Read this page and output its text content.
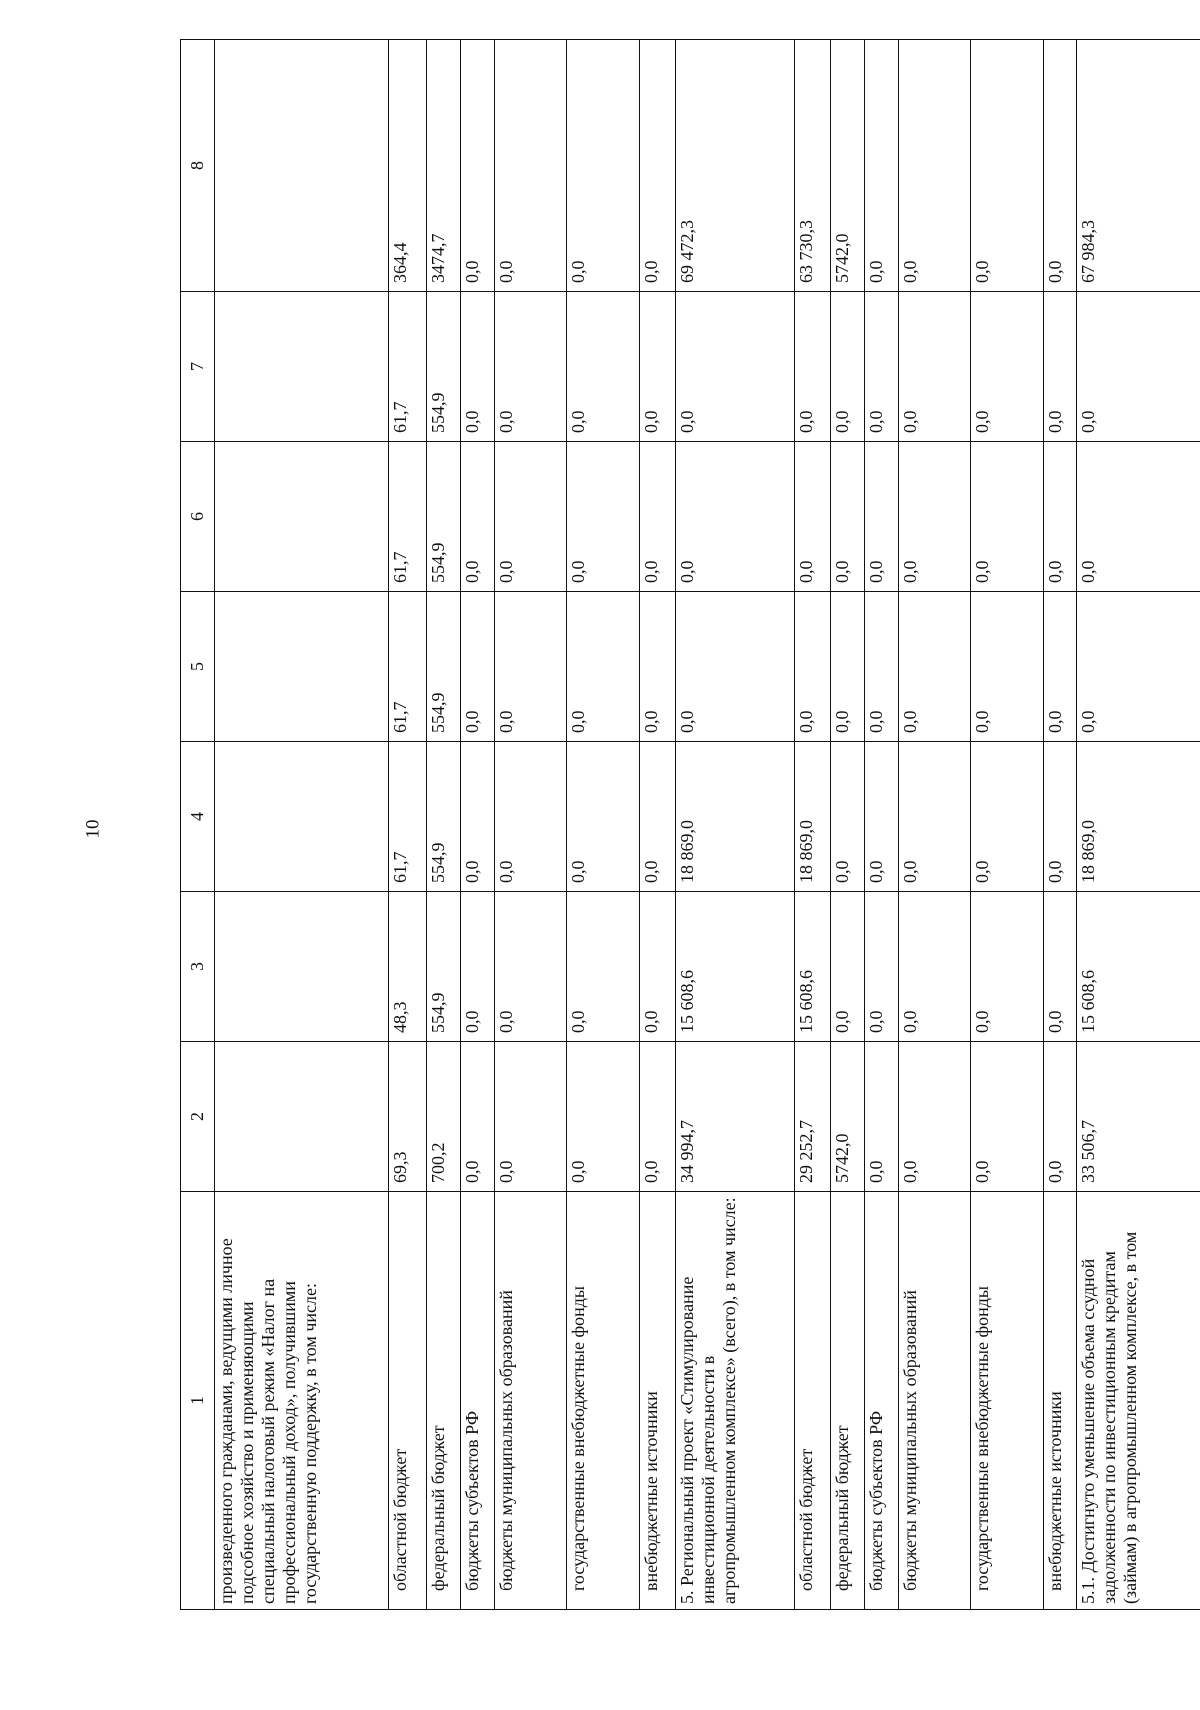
10
1	2	3	4	5	6	7	8
произведенного гражданами, ведущими личное подсобное хозяйство и применяющими специальный налоговый режим «Налог на профессиональный доход», получившими государственную поддержку, в том числе:							
областной бюджет	69,3	48,3	61,7	61,7	61,7	61,7	364,4
федеральный бюджет	700,2	554,9	554,9	554,9	554,9	554,9	3474,7
бюджеты субъектов РФ	0,0	0,0	0,0	0,0	0,0	0,0	0,0
бюджеты муниципальных образований	0,0	0,0	0,0	0,0	0,0	0,0	0,0
государственные внебюджетные фонды	0,0	0,0	0,0	0,0	0,0	0,0	0,0
внебюджетные источники	0,0	0,0	0,0	0,0	0,0	0,0	0,0
5. Региональный проект «Стимулирование инвестиционной деятельности в агропромышленном комплексе» (всего), в том числе:	34 994,7	15 608,6	18 869,0	0,0	0,0	0,0	69 472,3
областной бюджет	29 252,7	15 608,6	18 869,0	0,0	0,0	0,0	63 730,3
федеральный бюджет	5742,0	0,0	0,0	0,0	0,0	0,0	5742,0
бюджеты субъектов РФ	0,0	0,0	0,0	0,0	0,0	0,0	0,0
бюджеты муниципальных образований	0,0	0,0	0,0	0,0	0,0	0,0	0,0
государственные внебюджетные фонды	0,0	0,0	0,0	0,0	0,0	0,0	0,0
внебюджетные источники	0,0	0,0	0,0	0,0	0,0	0,0	0,0
5.1. Достигнуто уменьшение объема ссудной задолженности по инвестиционным кредитам (займам) в агропромышленном комплексе, в том	33 506,7	15 608,6	18 869,0	0,0	0,0	0,0	67 984,3
